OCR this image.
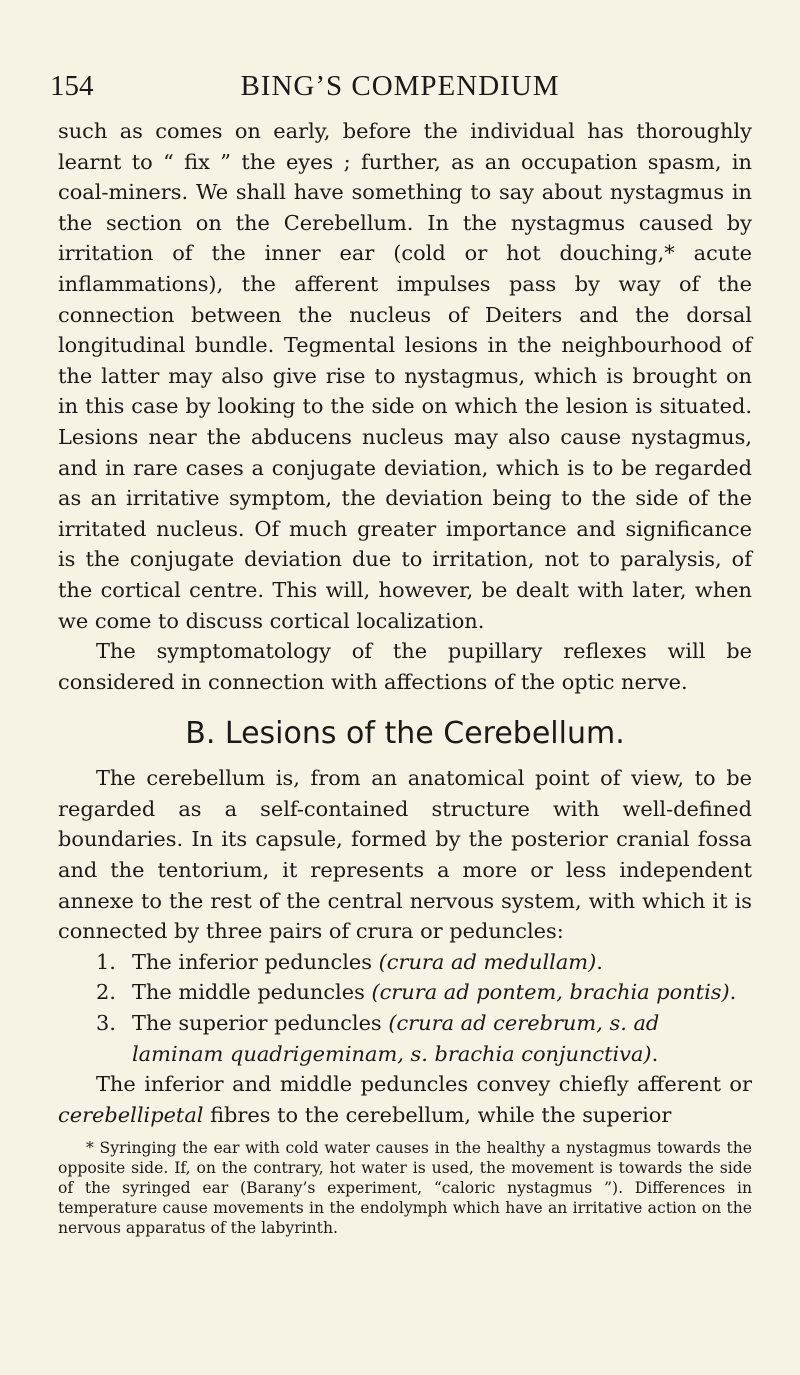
154	BING’S COMPENDIUM

such as comes on early, before the individual has thoroughly learnt to “ fix ” the eyes ; further, as an occupation spasm, in coal-miners. We shall have something to say about nystagmus in the section on the Cerebellum. In the nystagmus caused by irritation of the inner ear (cold or hot douching,* acute inflammations), the afferent impulses pass by way of the connection between the nucleus of Deiters and the dorsal longitudinal bundle. Tegmental lesions in the neighbourhood of the latter may also give rise to nystagmus, which is brought on in this case by looking to the side on which the lesion is situated. Lesions near the abducens nucleus may also cause nystagmus, and in rare cases a conjugate deviation, which is to be regarded as an irritative symptom, the deviation being to the side of the irritated nucleus. Of much greater importance and significance is the conjugate deviation due to irritation, not to paralysis, of the cortical centre. This will, however, be dealt with later, when we come to discuss cortical localization.

The symptomatology of the pupillary reflexes will be considered in connection with affections of the optic nerve.

B. Lesions of the Cerebellum.

The cerebellum is, from an anatomical point of view, to be regarded as a self-contained structure with well-defined boundaries. In its capsule, formed by the posterior cranial fossa and the tentorium, it represents a more or less independent annexe to the rest of the central nervous system, with which it is connected by three pairs of crura or peduncles:

1. The inferior peduncles (crura ad medullam).
2. The middle peduncles (crura ad pontem, brachia pontis).
3. The superior peduncles (crura ad cerebrum, s. ad laminam quadrigeminam, s. brachia conjunctiva).

The inferior and middle peduncles convey chiefly afferent or cerebellipetal fibres to the cerebellum, while the superior

* Syringing the ear with cold water causes in the healthy a nystagmus towards the opposite side. If, on the contrary, hot water is used, the movement is towards the side of the syringed ear (Barany’s experiment, “caloric nystagmus ”). Differences in temperature cause movements in the endolymph which have an irritative action on the nervous apparatus of the labyrinth.
